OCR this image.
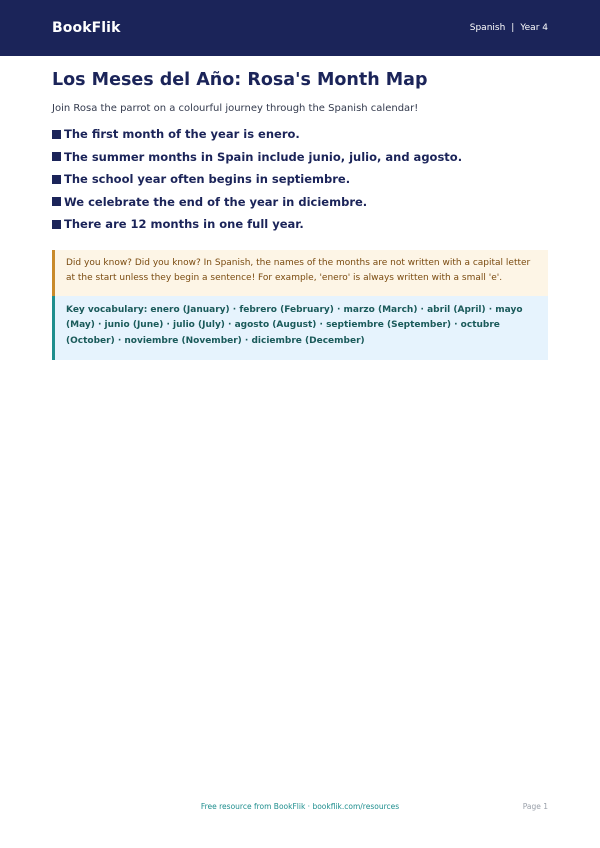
BookFlik	Spanish | Year 4
Los Meses del Año: Rosa's Month Map

Join Rosa the parrot on a colourful journey through the Spanish calendar!

The first month of the year is enero.
The summer months in Spain include junio, julio, and agosto.
The school year often begins in septiembre.
We celebrate the end of the year in diciembre.
There are 12 months in one full year.
Did you know? Did you know? In Spanish, the names of the months are not written with a capital letter at the start unless they begin a sentence! For example, 'enero' is always written with a small 'e'.
Key vocabulary: enero (January) · febrero (February) · marzo (March) · abril (April) · mayo (May) · junio (June) · julio (July) · agosto (August) · septiembre (September) · octubre (October) · noviembre (November) · diciembre (December)
Free resource from BookFlik · bookflik.com/resources	Page 1
